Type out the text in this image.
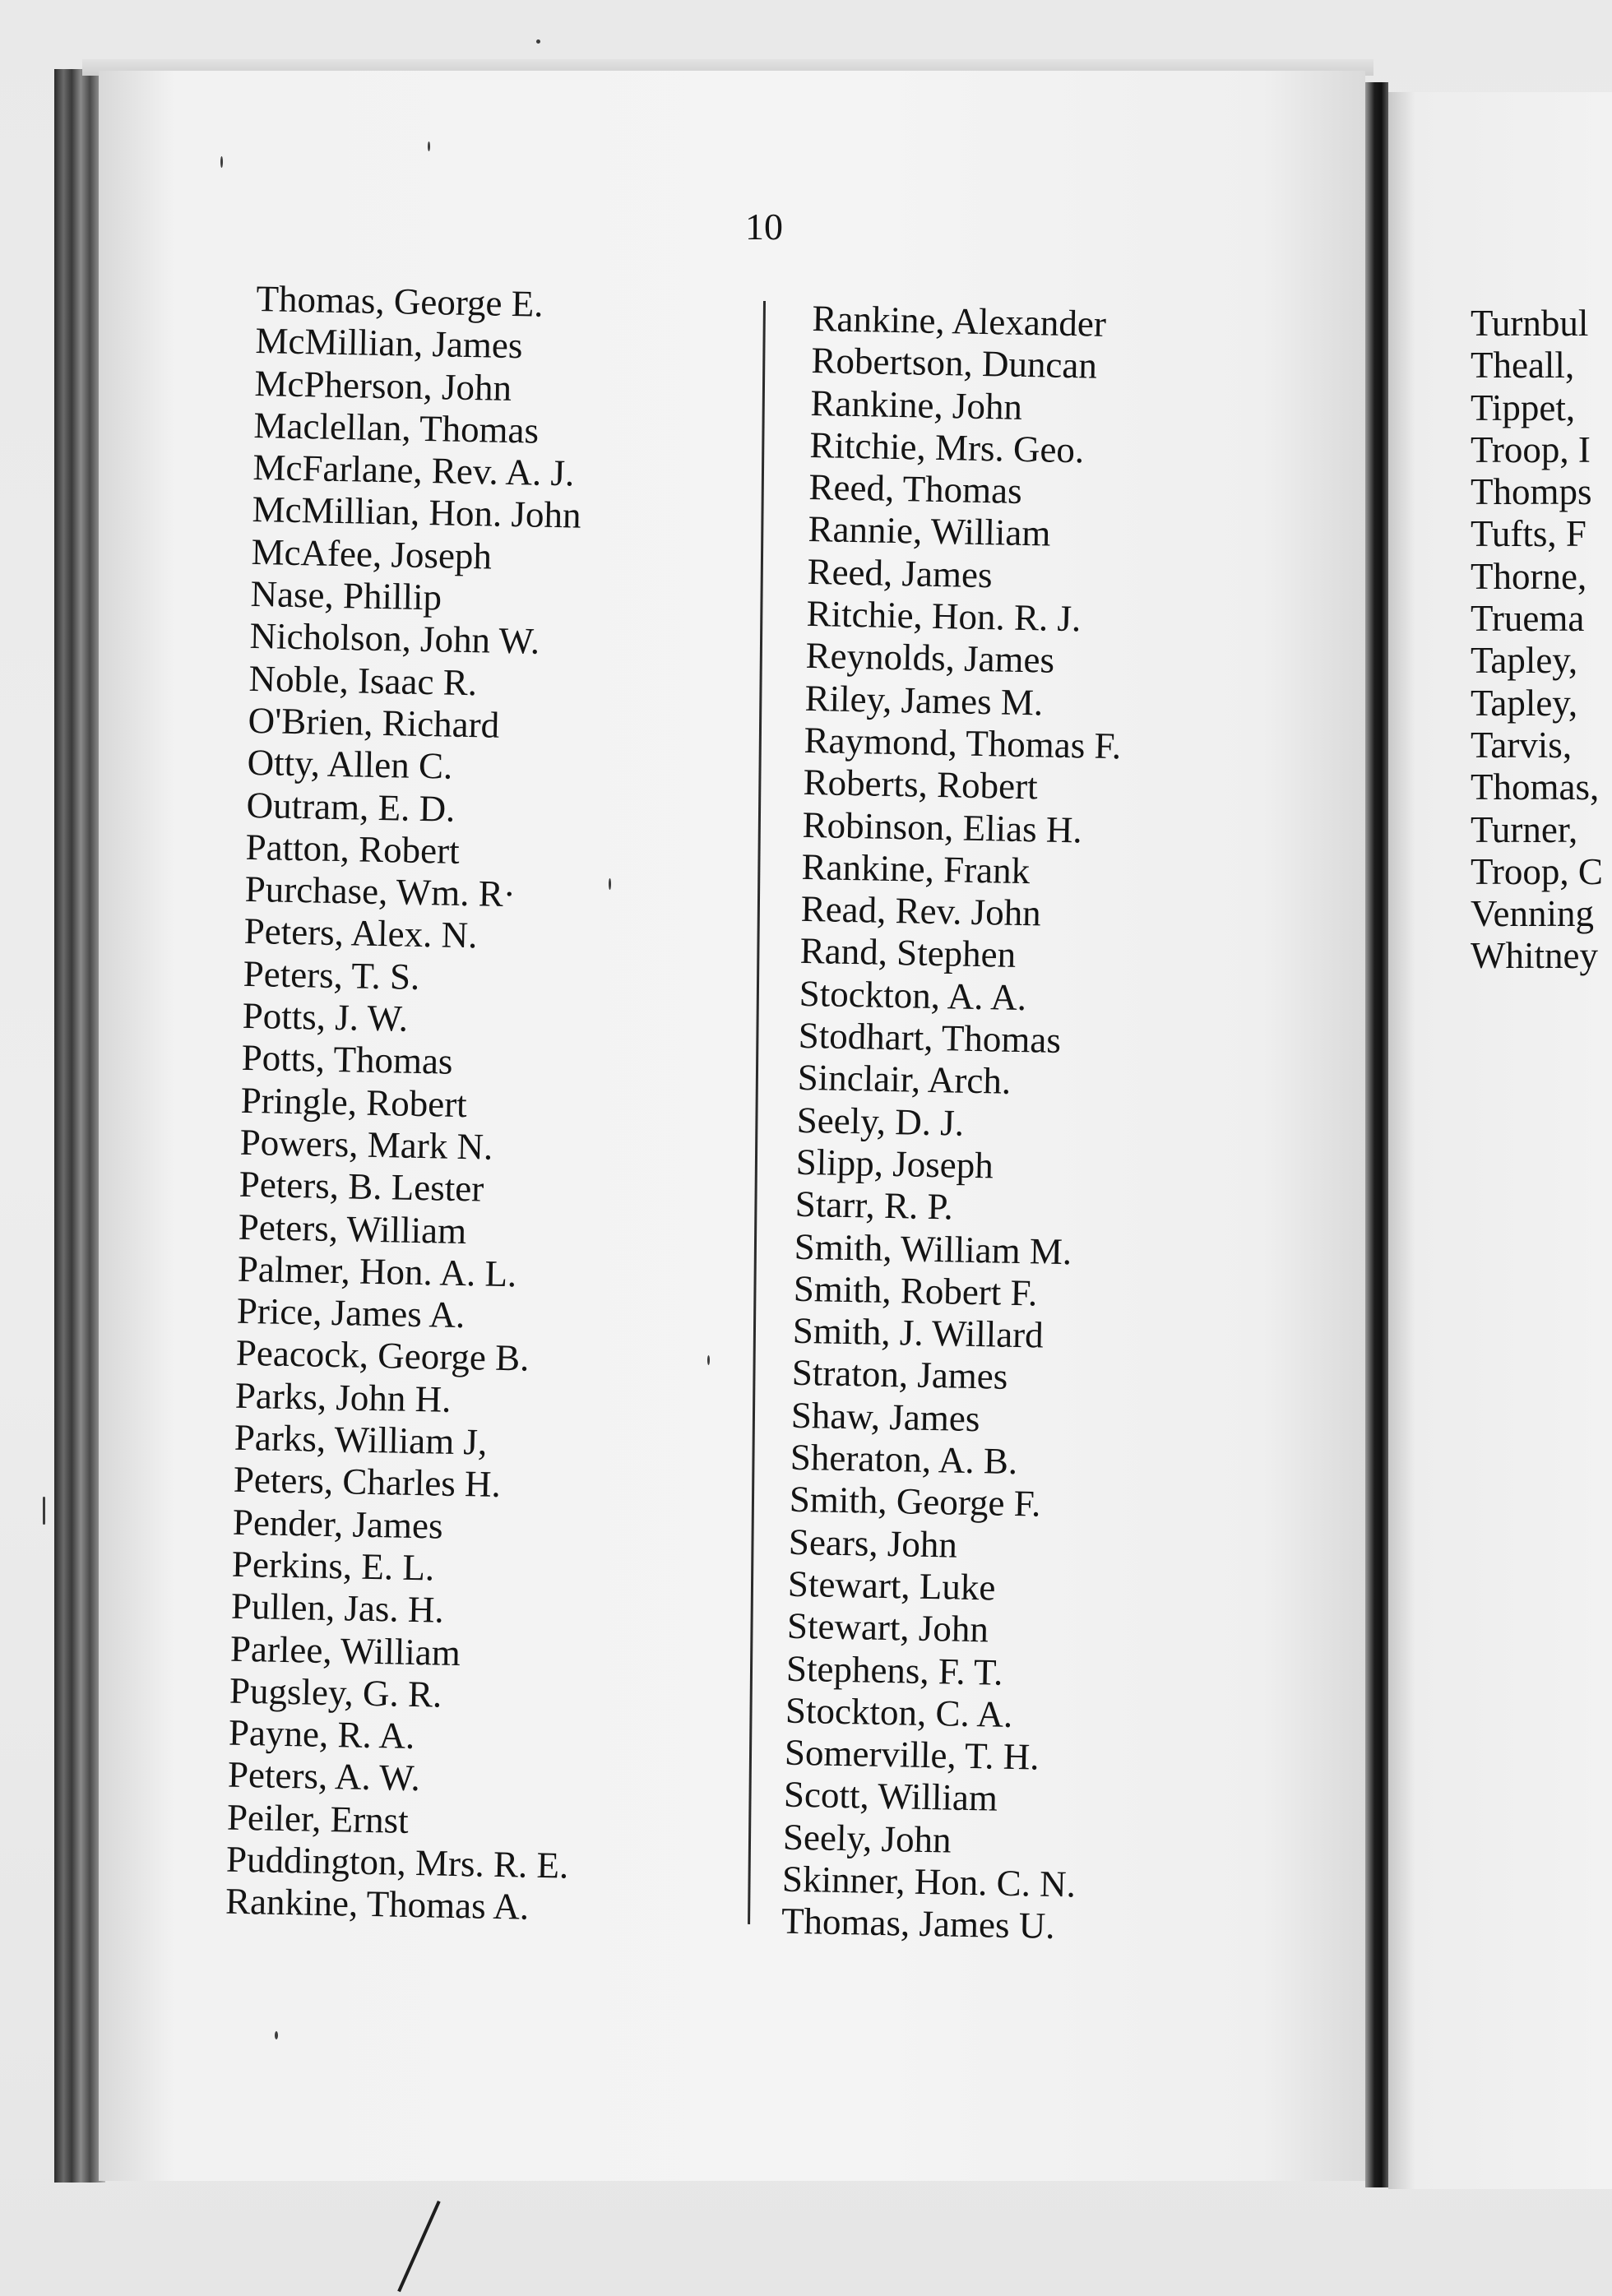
10
Thomas, George E.
McMillian, James
McPherson, John
Maclellan, Thomas
McFarlane, Rev. A. J.
McMillian, Hon. John
McAfee, Joseph
Nase, Phillip
Nicholson, John W.
Noble, Isaac R.
O'Brien, Richard
Otty, Allen C.
Outram, E. D.
Patton, Robert
Purchase, Wm. R·
Peters, Alex. N.
Peters, T. S.
Potts, J. W.
Potts, Thomas
Pringle, Robert
Powers, Mark N.
Peters, B. Lester
Peters, William
Palmer, Hon. A. L.
Price, James A.
Peacock, George B.
Parks, John H.
Parks, William J,
Peters, Charles H.
Pender, James
Perkins, E. L.
Pullen, Jas. H.
Parlee, William
Pugsley, G. R.
Payne, R. A.
Peters, A. W.
Peiler, Ernst
Puddington, Mrs. R. E.
Rankine, Thomas A.
Rankine, Alexander
Robertson, Duncan
Rankine, John
Ritchie, Mrs. Geo.
Reed, Thomas
Rannie, William
Reed, James
Ritchie, Hon. R. J.
Reynolds, James
Riley, James M.
Raymond, Thomas F.
Roberts, Robert
Robinson, Elias H.
Rankine, Frank
Read, Rev. John
Rand, Stephen
Stockton, A. A.
Stodhart, Thomas
Sinclair, Arch.
Seely, D. J.
Slipp, Joseph
Starr, R. P.
Smith, William M.
Smith, Robert F.
Smith, J. Willard
Straton, James
Shaw, James
Sheraton, A. B.
Smith, George F.
Sears, John
Stewart, Luke
Stewart, John
Stephens, F. T.
Stockton, C. A.
Somerville, T. H.
Scott, William
Seely, John
Skinner, Hon. C. N.
Thomas, James U.
Turnbul
Theall,
Tippet,
Troop, I
Thomps
Tufts, F
Thorne,
Truema
Tapley,
Tapley,
Tarvis,
Thomas,
Turner,
Troop, C
Venning
Whitney
